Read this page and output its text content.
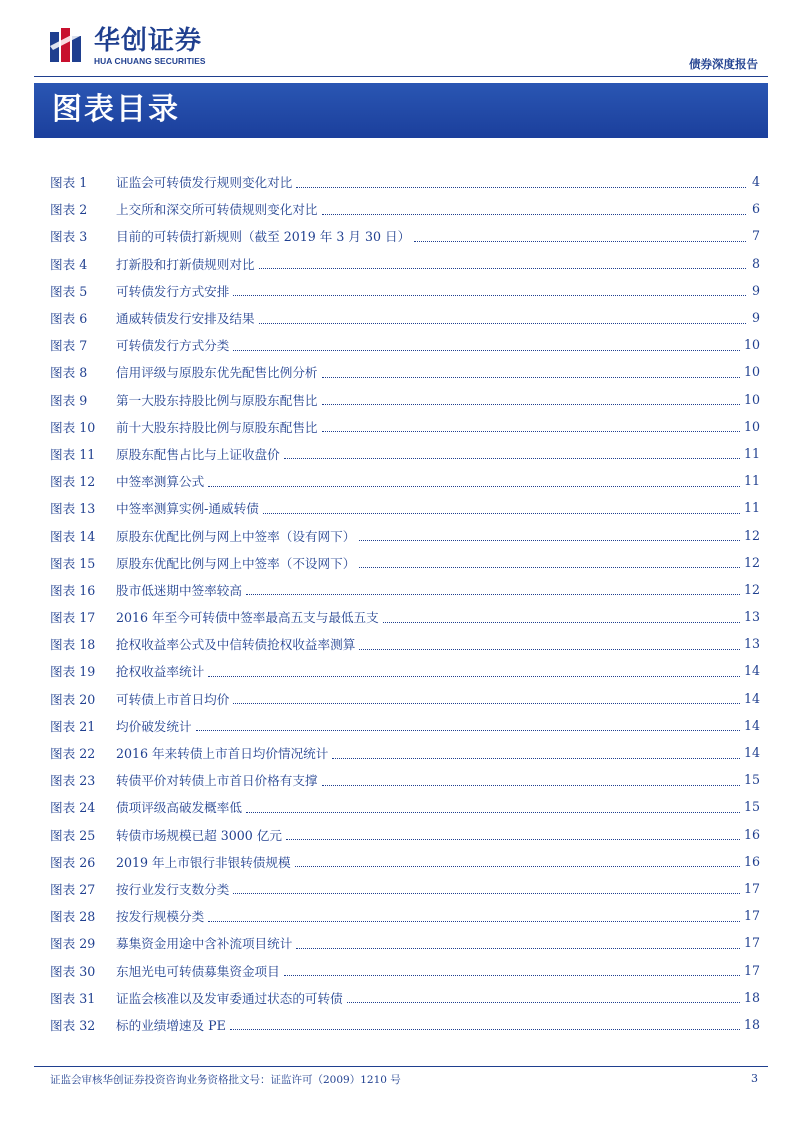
华创证券
HUA CHUANG SECURITIES	债券深度报告
图表目录
图表 1	证监会可转债发行规则变化对比	4
图表 2	上交所和深交所可转债规则变化对比	6
图表 3	目前的可转债打新规则（截至 2019 年 3 月 30 日）	7
图表 4	打新股和打新债规则对比	8
图表 5	可转债发行方式安排	9
图表 6	通威转债发行安排及结果	9
图表 7	可转债发行方式分类	10
图表 8	信用评级与原股东优先配售比例分析	10
图表 9	第一大股东持股比例与原股东配售比	10
图表 10	前十大股东持股比例与原股东配售比	10
图表 11	原股东配售占比与上证收盘价	11
图表 12	中签率测算公式	11
图表 13	中签率测算实例-通威转债	11
图表 14	原股东优配比例与网上中签率（设有网下）	12
图表 15	原股东优配比例与网上中签率（不设网下）	12
图表 16	股市低迷期中签率较高	12
图表 17	2016 年至今可转债中签率最高五支与最低五支	13
图表 18	抢权收益率公式及中信转债抢权收益率测算	13
图表 19	抢权收益率统计	14
图表 20	可转债上市首日均价	14
图表 21	均价破发统计	14
图表 22	2016 年来转债上市首日均价情况统计	14
图表 23	转债平价对转债上市首日价格有支撑	15
图表 24	债项评级高破发概率低	15
图表 25	转债市场规模已超 3000 亿元	16
图表 26	2019 年上市银行非银转债规模	16
图表 27	按行业发行支数分类	17
图表 28	按发行规模分类	17
图表 29	募集资金用途中含补流项目统计	17
图表 30	东旭光电可转债募集资金项目	17
图表 31	证监会核准以及发审委通过状态的可转债	18
图表 32	标的业绩增速及 PE	18
证监会审核华创证券投资咨询业务资格批文号：证监许可（2009）1210 号	3
